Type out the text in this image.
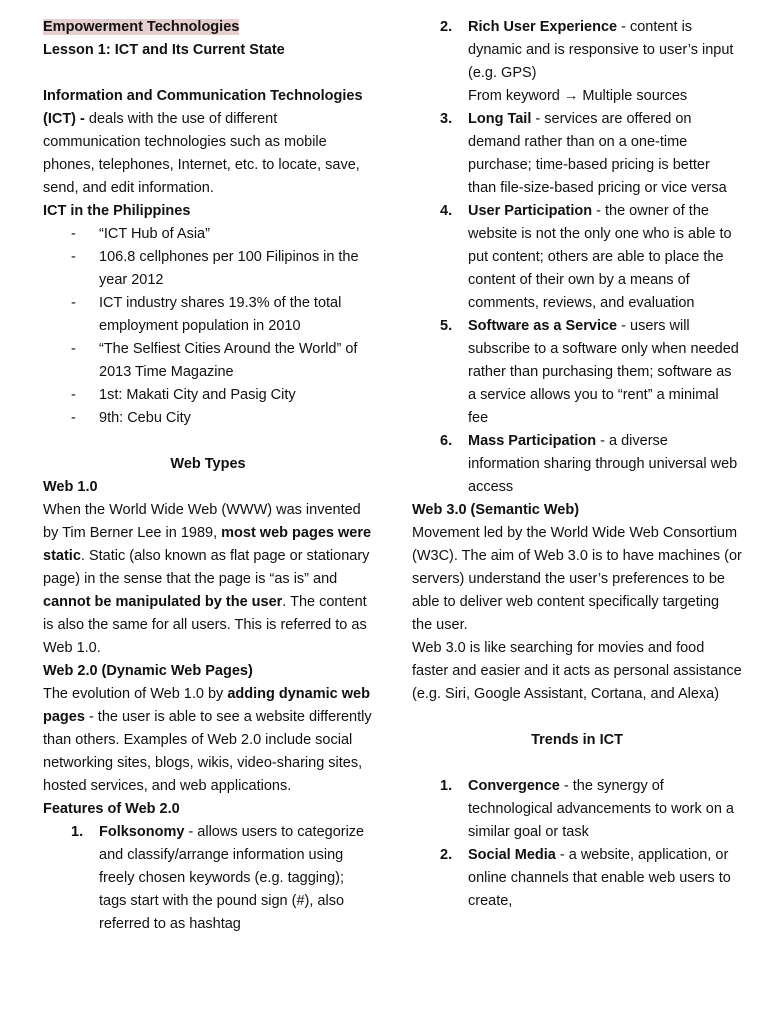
Empowerment Technologies

Lesson 1: ICT and Its Current State

Information and Communication Technologies (ICT) - deals with the use of different communication technologies such as mobile phones, telephones, Internet, etc. to locate, save, send, and edit information.

ICT in the Philippines

- “ICT Hub of Asia”
- 106.8 cellphones per 100 Filipinos in the year 2012
- ICT industry shares 19.3% of the total employment population in 2010
- “The Selfiest Cities Around the World” of 2013 Time Magazine
- 1st: Makati City and Pasig City
- 9th: Cebu City

Web Types

Web 1.0

When the World Wide Web (WWW) was invented by Tim Berner Lee in 1989, most web pages were static. Static (also known as flat page or stationary page) in the sense that the page is “as is” and cannot be manipulated by the user. The content is also the same for all users. This is referred to as Web 1.0.

Web 2.0 (Dynamic Web Pages)

The evolution of Web 1.0 by adding dynamic web pages - the user is able to see a website differently than others. Examples of Web 2.0 include social networking sites, blogs, wikis, video-sharing sites, hosted services, and web applications.

Features of Web 2.0

1. Folksonomy - allows users to categorize and classify/arrange information using freely chosen keywords (e.g. tagging); tags start with the pound sign (#), also referred to as hashtag
2. Rich User Experience - content is dynamic and is responsive to user’s input (e.g. GPS)
From keyword → Multiple sources
3. Long Tail - services are offered on demand rather than on a one-time purchase; time-based pricing is better than file-size-based pricing or vice versa
4. User Participation - the owner of the website is not the only one who is able to put content; others are able to place the content of their own by a means of comments, reviews, and evaluation
5. Software as a Service - users will subscribe to a software only when needed rather than purchasing them; software as a service allows you to “rent” a minimal fee
6. Mass Participation - a diverse information sharing through universal web access

Web 3.0 (Semantic Web)

Movement led by the World Wide Web Consortium (W3C). The aim of Web 3.0 is to have machines (or servers) understand the user’s preferences to be able to deliver web content specifically targeting the user.

Web 3.0 is like searching for movies and food faster and easier and it acts as personal assistance (e.g. Siri, Google Assistant, Cortana, and Alexa)

Trends in ICT

1. Convergence - the synergy of technological advancements to work on a similar goal or task
2. Social Media - a website, application, or online channels that enable web users to create,
